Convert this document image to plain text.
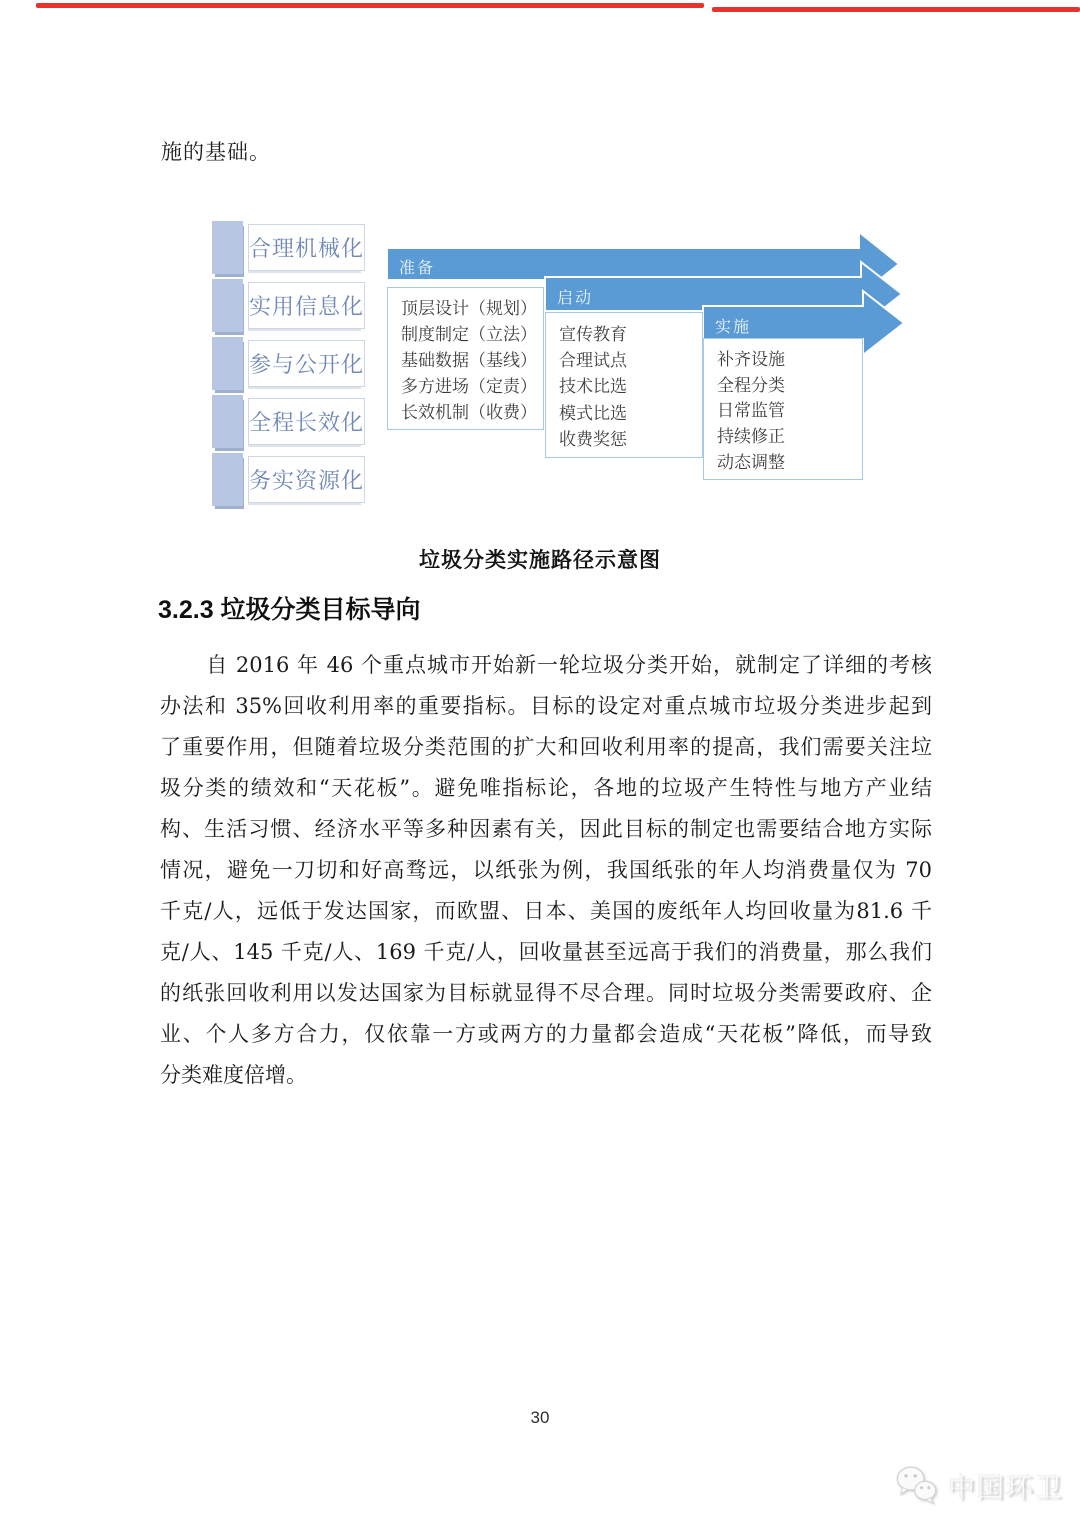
施的基础。
合理机械化
实用信息化
参与公开化
全程长效化
务实资源化
准备
启动
实施
顶层设计（规划）
制度制定（立法）
基础数据（基线）
多方进场（定责）
长效机制（收费）
宣传教育
合理试点
技术比选
模式比选
收费奖惩
补齐设施
全程分类
日常监管
持续修正
动态调整
垃圾分类实施路径示意图
3.2.3 垃圾分类目标导向
自 2016 年 46 个重点城市开始新一轮垃圾分类开始，就制定了详细的考核
办法和 35%回收利用率的重要指标。目标的设定对重点城市垃圾分类进步起到
了重要作用，但随着垃圾分类范围的扩大和回收利用率的提高，我们需要关注垃
圾分类的绩效和“天花板”。避免唯指标论，各地的垃圾产生特性与地方产业结
构、生活习惯、经济水平等多种因素有关，因此目标的制定也需要结合地方实际
情况，避免一刀切和好高骛远，以纸张为例，我国纸张的年人均消费量仅为 70
千克/人，远低于发达国家，而欧盟、日本、美国的废纸年人均回收量为81.6 千
克/人、145 千克/人、169 千克/人，回收量甚至远高于我们的消费量，那么我们
的纸张回收利用以发达国家为目标就显得不尽合理。同时垃圾分类需要政府、企
业、个人多方合力，仅依靠一方或两方的力量都会造成“天花板”降低，而导致
分类难度倍增。
30
中国环卫
